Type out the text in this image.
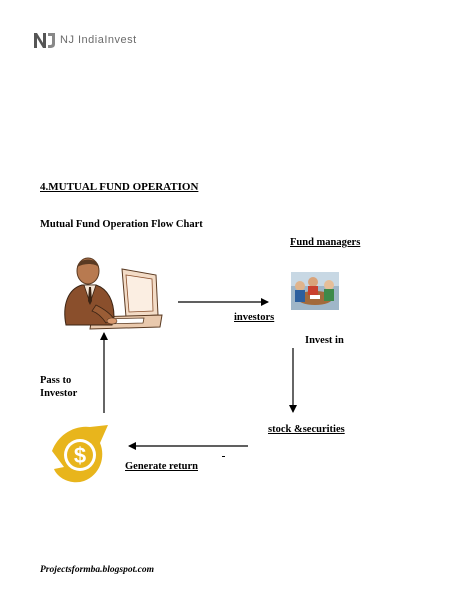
NJ IndiaInvest
4.MUTUAL FUND OPERATION
Mutual Fund Operation Flow Chart
Fund managers
investors
Invest in
Pass to
Investor
stock &securities
Generate return
$
Projectsformba.blogspot.com
